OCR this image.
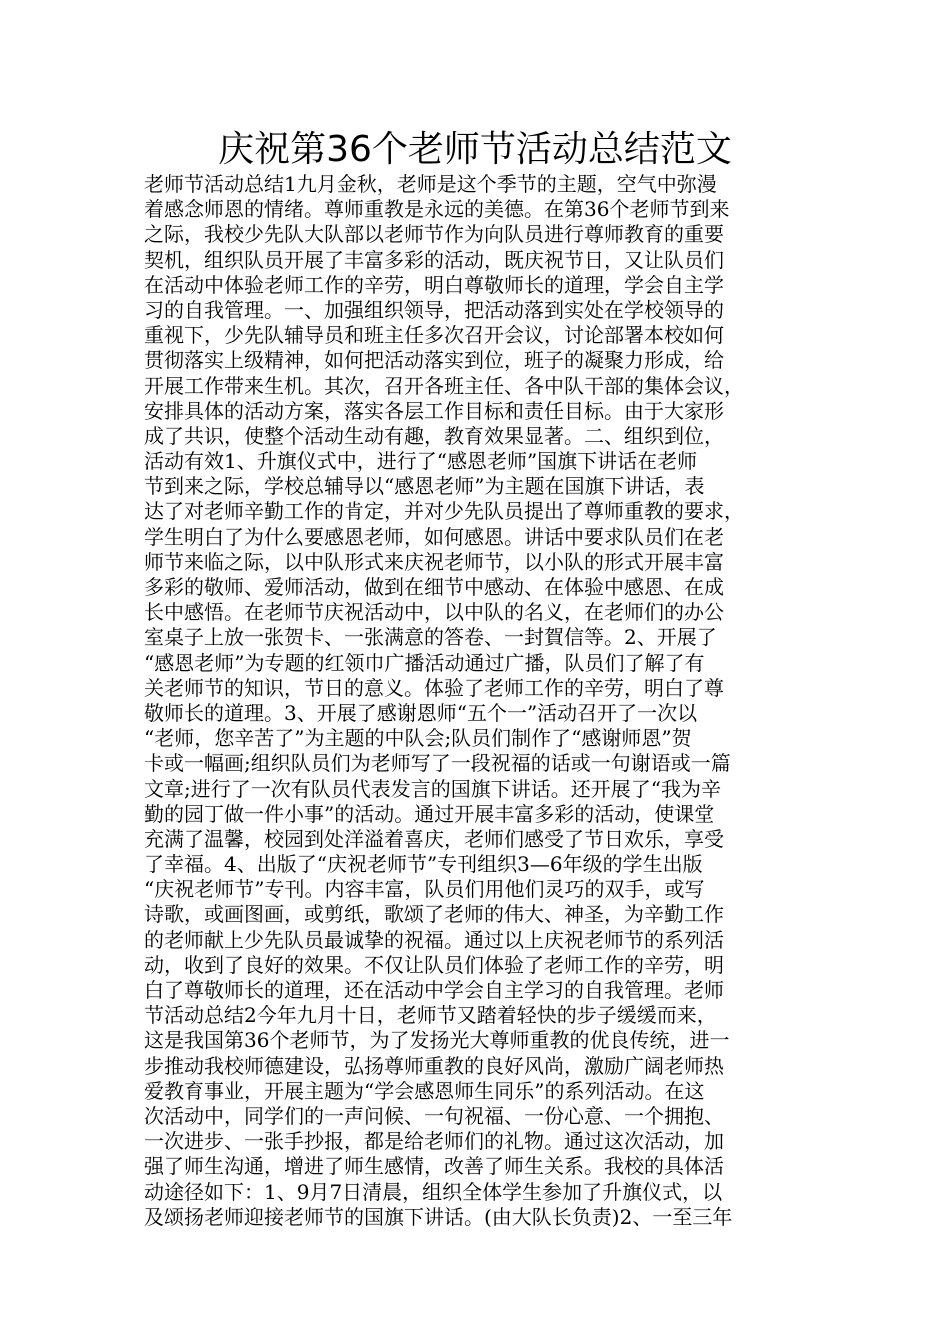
庆祝第36个老师节活动总结范文
老师节活动总结1九月金秋，老师是这个季节的主题，空气中弥漫
着感念师恩的情绪。尊师重教是永远的美德。在第36个老师节到来
之际，我校少先队大队部以老师节作为向队员进行尊师教育的重要
契机，组织队员开展了丰富多彩的活动，既庆祝节日，又让队员们
在活动中体验老师工作的辛劳，明白尊敬师长的道理，学会自主学
习的自我管理。一、加强组织领导，把活动落到实处在学校领导的
重视下，少先队辅导员和班主任多次召开会议，讨论部署本校如何
贯彻落实上级精神，如何把活动落实到位，班子的凝聚力形成，给
开展工作带来生机。其次，召开各班主任、各中队干部的集体会议，
安排具体的活动方案，落实各层工作目标和责任目标。由于大家形
成了共识，使整个活动生动有趣，教育效果显著。二、组织到位，
活动有效1、升旗仪式中，进行了“感恩老师”国旗下讲话在老师
节到来之际，学校总辅导以“感恩老师”为主题在国旗下讲话，表
达了对老师辛勤工作的肯定，并对少先队员提出了尊师重教的要求，
学生明白了为什么要感恩老师，如何感恩。讲话中要求队员们在老
师节来临之际，以中队形式来庆祝老师节，以小队的形式开展丰富
多彩的敬师、爱师活动，做到在细节中感动、在体验中感恩、在成
长中感悟。在老师节庆祝活动中，以中队的名义，在老师们的办公
室桌子上放一张贺卡、一张满意的答卷、一封賀信等。2、开展了
“感恩老师”为专题的红领巾广播活动通过广播，队员们了解了有
关老师节的知识，节日的意义。体验了老师工作的辛劳，明白了尊
敬师长的道理。3、开展了感谢恩师“五个一”活动召开了一次以
“老师，您辛苦了”为主题的中队会;队员们制作了“感谢师恩”贺
卡或一幅画;组织队员们为老师写了一段祝福的话或一句谢语或一篇
文章;进行了一次有队员代表发言的国旗下讲话。还开展了“我为辛
勤的园丁做一件小事”的活动。通过开展丰富多彩的活动，使课堂
充满了温馨，校园到处洋溢着喜庆，老师们感受了节日欢乐，享受
了幸福。4、出版了“庆祝老师节”专刊组织3—6年级的学生出版
“庆祝老师节”专刊。内容丰富，队员们用他们灵巧的双手，或写
诗歌，或画图画，或剪纸，歌颂了老师的伟大、神圣，为辛勤工作
的老师献上少先队员最诚挚的祝福。通过以上庆祝老师节的系列活
动，收到了良好的效果。不仅让队员们体验了老师工作的辛劳，明
白了尊敬师长的道理，还在活动中学会自主学习的自我管理。老师
节活动总结2今年九月十日，老师节又踏着轻快的步子缓缓而来，
这是我国第36个老师节，为了发扬光大尊师重教的优良传统，进一
步推动我校师德建设，弘扬尊师重教的良好风尚，激励广阔老师热
爱教育事业，开展主题为“学会感恩师生同乐”的系列活动。在这
次活动中，同学们的一声问候、一句祝福、一份心意、一个拥抱、
一次进步、一张手抄报，都是给老师们的礼物。通过这次活动，加
强了师生沟通，增进了师生感情，改善了师生关系。我校的具体活
动途径如下：1、9月7日清晨，组织全体学生参加了升旗仪式，以
及颂扬老师迎接老师节的国旗下讲话。(由大队长负责)2、一至三年
